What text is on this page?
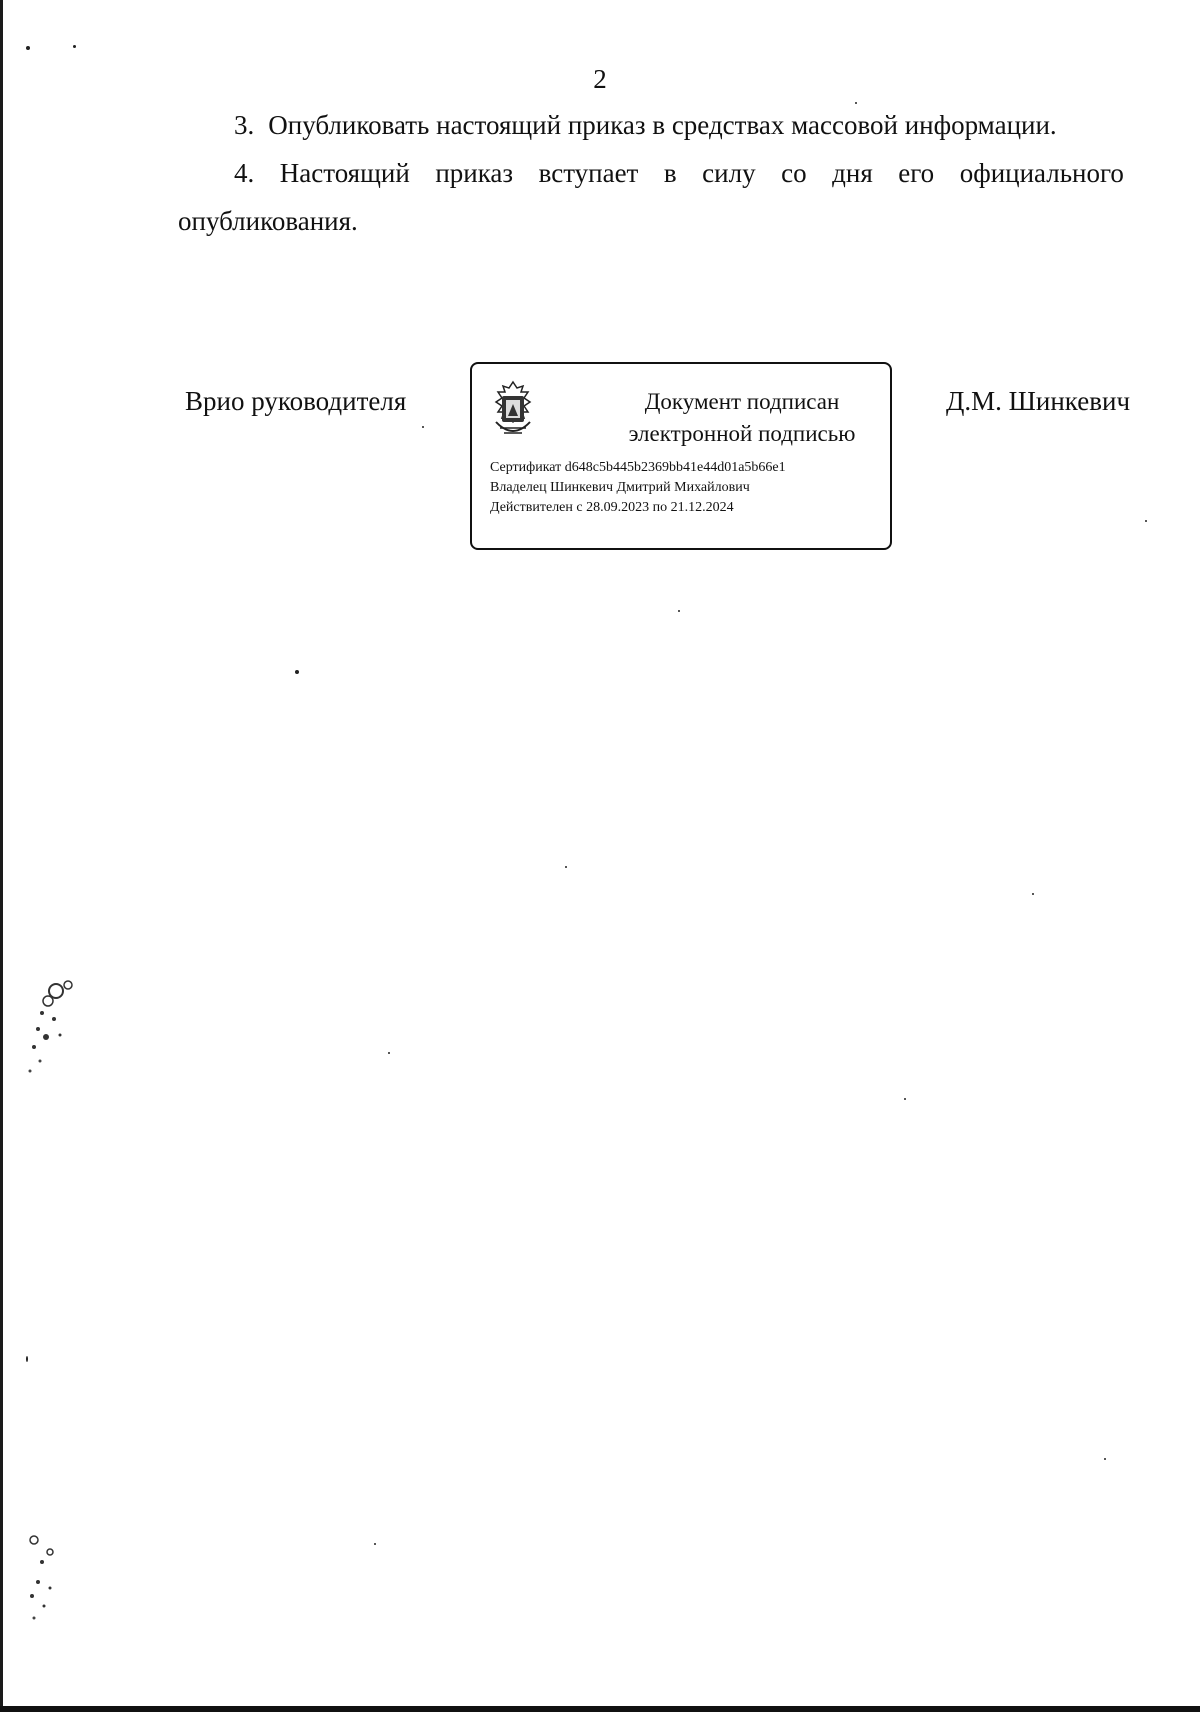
2

3. Опубликовать настоящий приказ в средствах массовой информации.

4. Настоящий приказ вступает в силу со дня его официального
опубликования.
Врио руководителя	Документ подписан
электронной подписью
Сертификат d648c5b445b2369bb41e44d01a5b66e1
Владелец Шинкевич Дмитрий Михайлович
Действителен с 28.09.2023 по 21.12.2024
Д.М. Шинкевич
